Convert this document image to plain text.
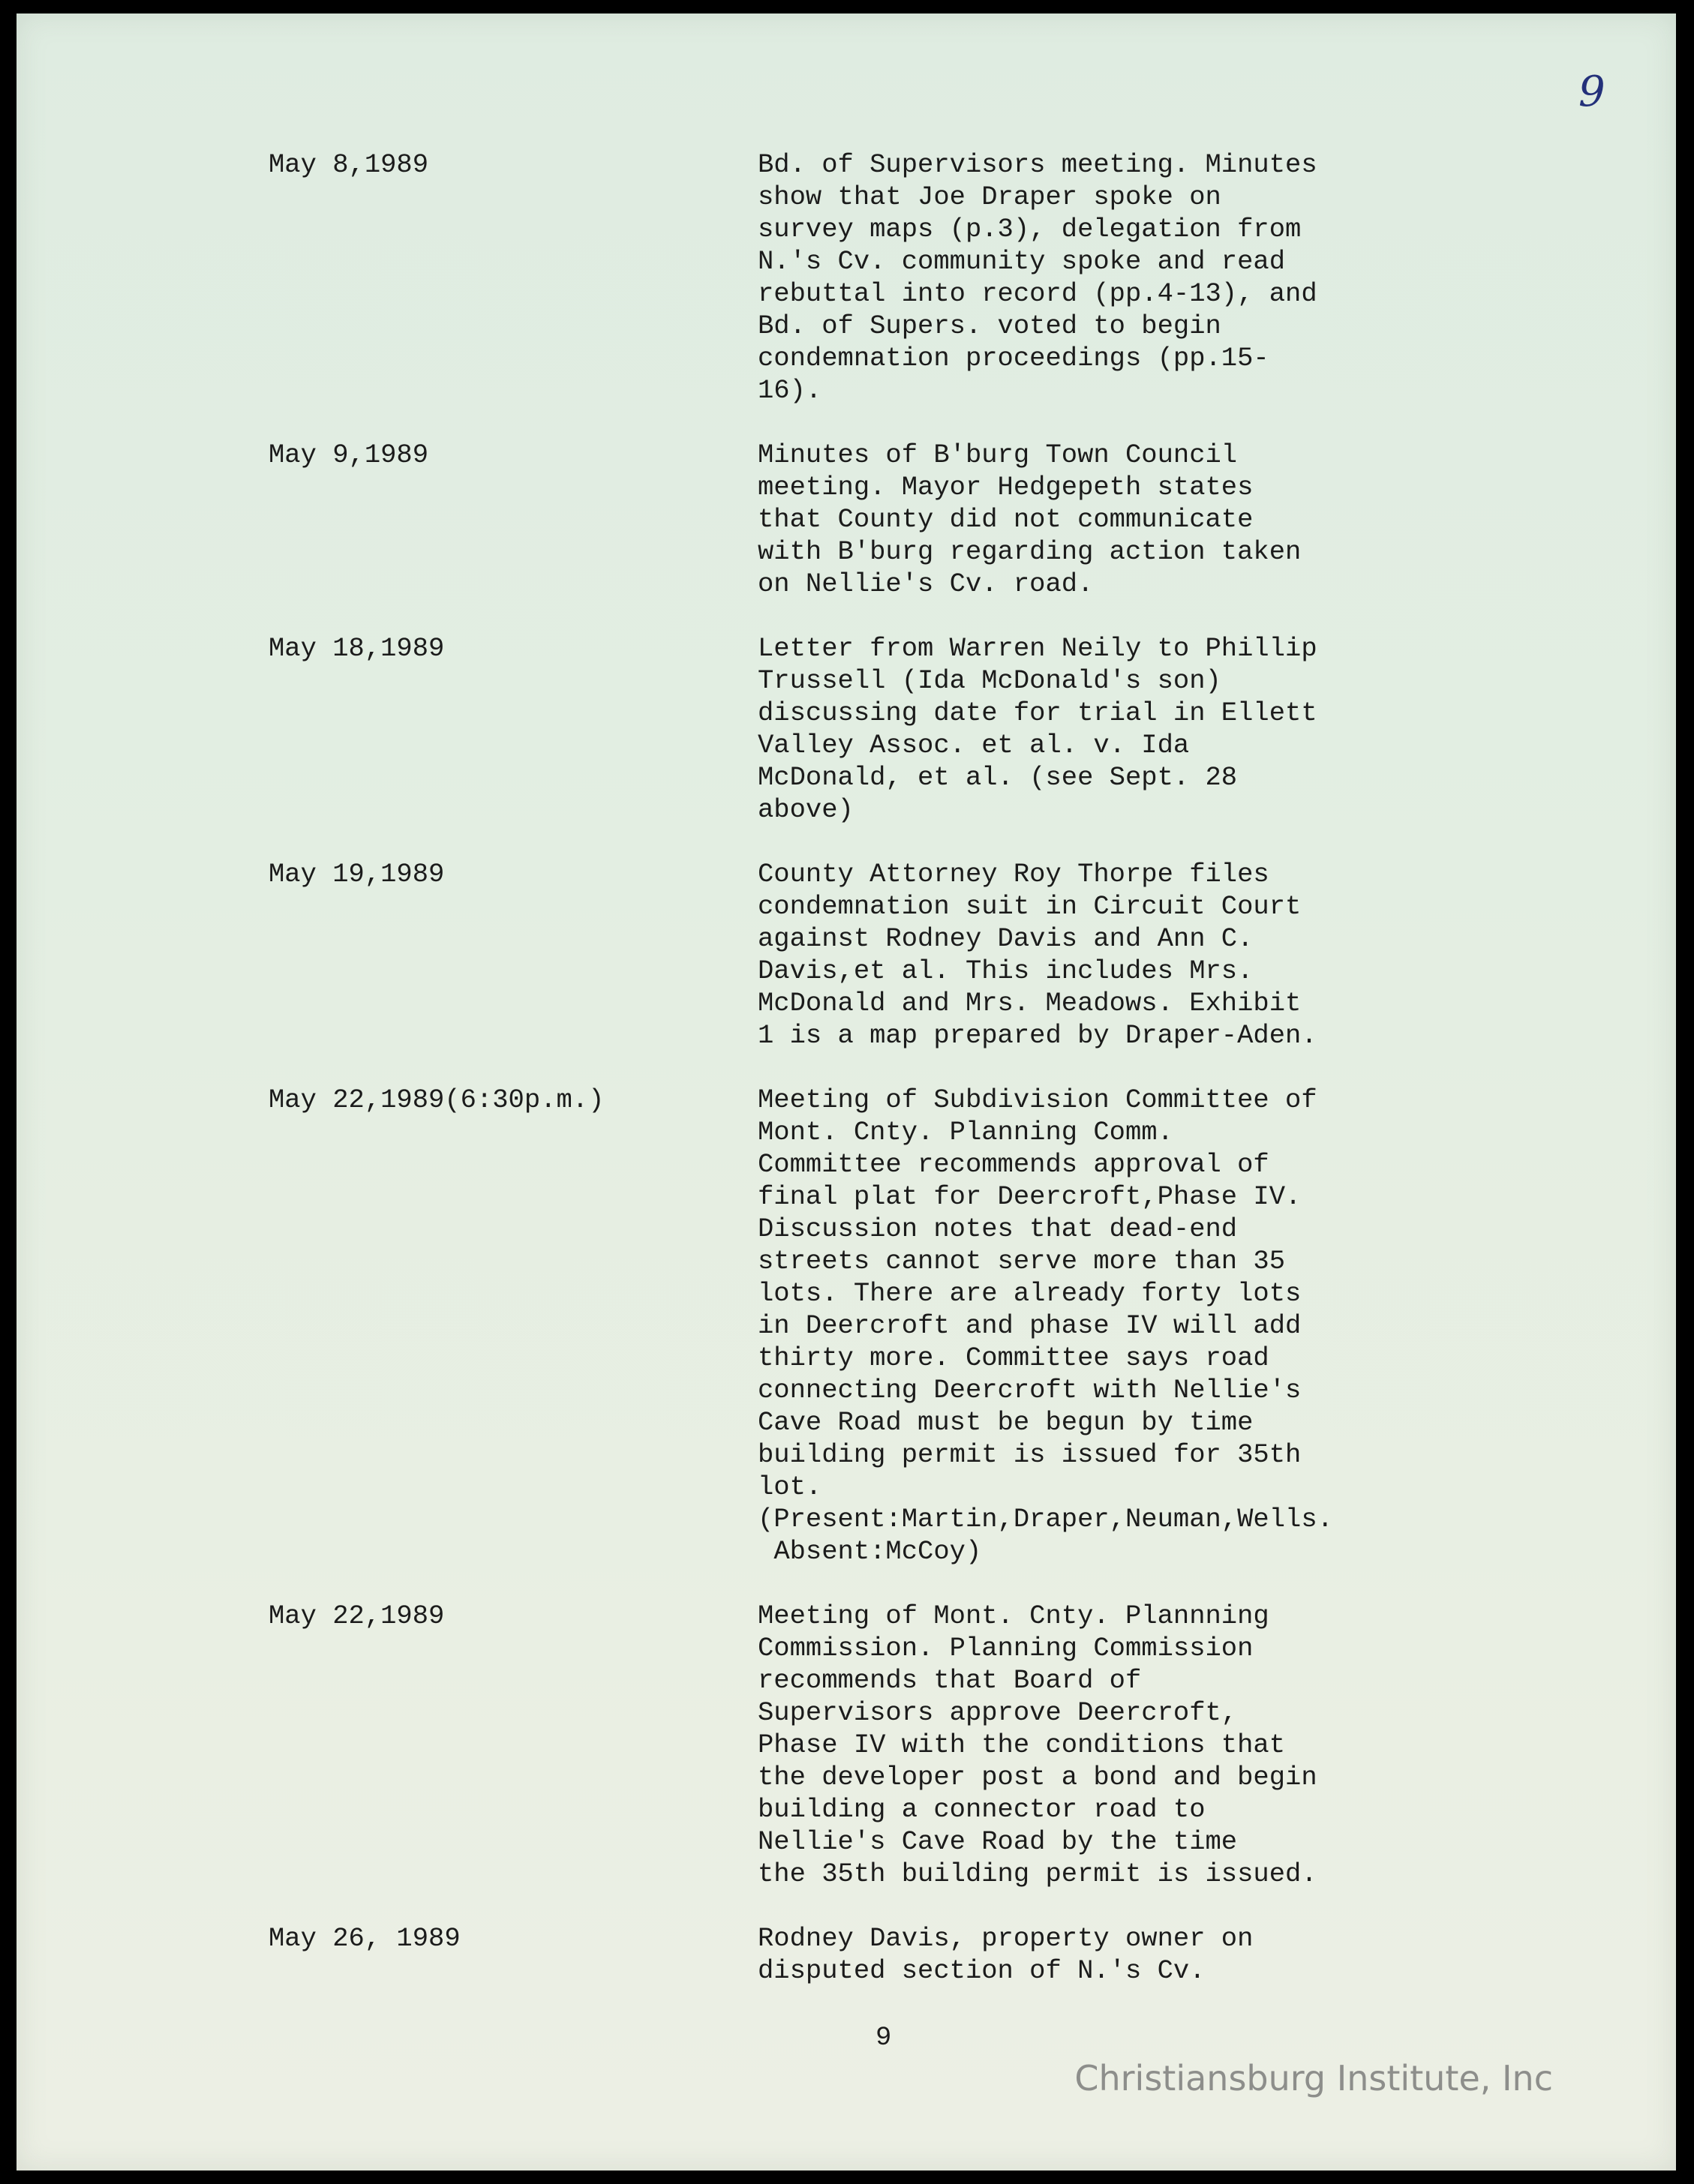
9
May 8,1989	Bd. of Supervisors meeting. Minutes
show that Joe Draper spoke on
survey maps (p.3), delegation from
N.'s Cv. community spoke and read
rebuttal into record (pp.4-13), and
Bd. of Supers. voted to begin
condemnation proceedings (pp.15-
16).
May 9,1989	Minutes of B'burg Town Council
meeting. Mayor Hedgepeth states
that County did not communicate
with B'burg regarding action taken
on Nellie's Cv. road.
May 18,1989	Letter from Warren Neily to Phillip
Trussell (Ida McDonald's son)
discussing date for trial in Ellett
Valley Assoc. et al. v. Ida
McDonald, et al. (see Sept. 28
above)
May 19,1989	County Attorney Roy Thorpe files
condemnation suit in Circuit Court
against Rodney Davis and Ann C.
Davis,et al. This includes Mrs.
McDonald and Mrs. Meadows. Exhibit
1 is a map prepared by Draper-Aden.
May 22,1989(6:30p.m.)	Meeting of Subdivision Committee of
Mont. Cnty. Planning Comm.
Committee recommends approval of
final plat for Deercroft,Phase IV.
Discussion notes that dead-end
streets cannot serve more than 35
lots. There are already forty lots
in Deercroft and phase IV will add
thirty more. Committee says road
connecting Deercroft with Nellie's
Cave Road must be begun by time
building permit is issued for 35th
lot.
(Present:Martin,Draper,Neuman,Wells.
Absent:McCoy)
May 22,1989	Meeting of Mont. Cnty. Plannning
Commission. Planning Commission
recommends that Board of
Supervisors approve Deercroft,
Phase IV with the conditions that
the developer post a bond and begin
building a connector road to
Nellie's Cave Road by the time
the 35th building permit is issued.
May 26, 1989	Rodney Davis, property owner on
disputed section of N.'s Cv.
9
Christiansburg Institute, Inc
